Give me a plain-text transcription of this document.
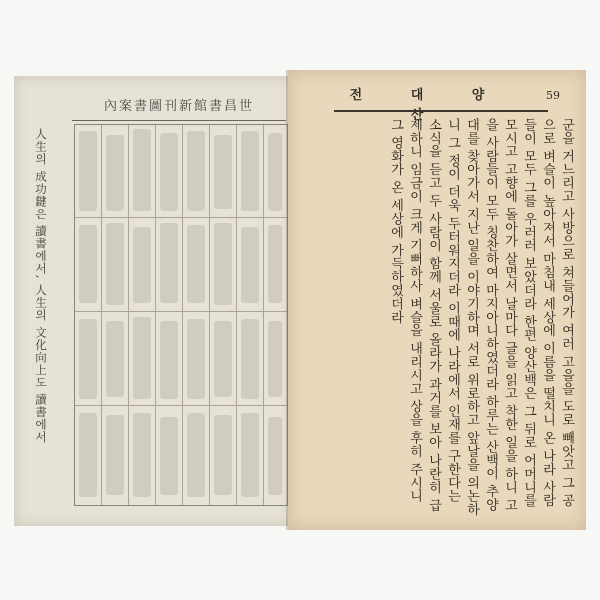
內案書圖刊新館書昌世
人生의 成功鍵은 讀書에서, 人生의 文化向上도 讀書에서
전 대 양 산
59
군을 거느리고 사방으로 쳐들어가 여러 고을을 도로 빼앗고 그 공으로 벼슬이 높아져서 마침내 세상에 이름을 떨치니 온 나라 사람들이 모두 그를 우러러 보았더라 한편 양산백은 그 뒤로 어머니를 모시고 고향에 돌아가 살면서 날마다 글을 읽고 착한 일을 하니 고을 사람들이 모두 칭찬하여 마지아니하였더라 하루는 산백이 추양대를 찾아가서 지난 일을 이야기하며 서로 위로하고 앞날을 의논하니 그 정이 더욱 두터워지더라 이때에 나라에서 인재를 구한다는 소식을 듣고 두 사람이 함께 서울로 올라가 과거를 보아 나란히 급제하니 임금이 크게 기뻐하사 벼슬을 내리시고 상을 후히 주시니 그 영화가 온 세상에 가득하였더라
